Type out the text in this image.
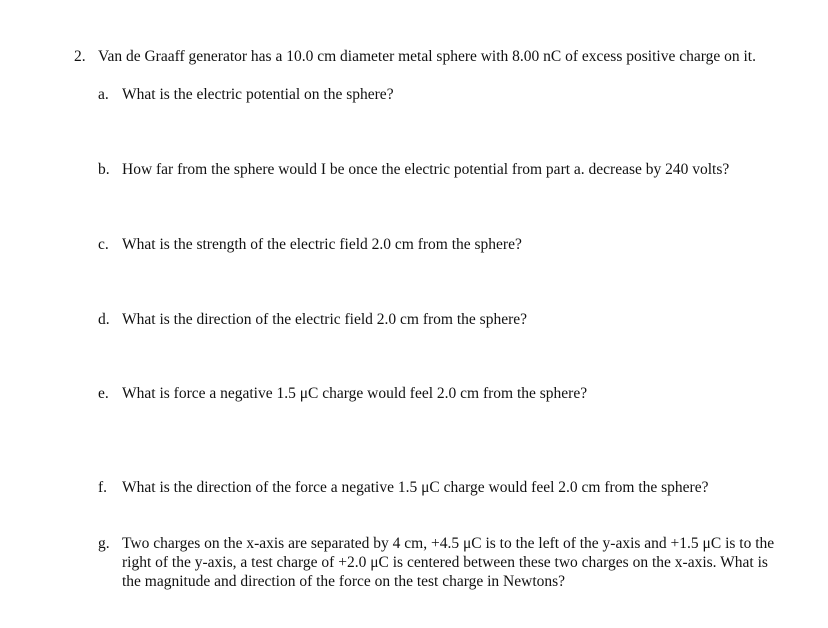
2. Van de Graaff generator has a 10.0 cm diameter metal sphere with 8.00 nC of excess positive charge on it.
a. What is the electric potential on the sphere?
b. How far from the sphere would I be once the electric potential from part a. decrease by 240 volts?
c. What is the strength of the electric field 2.0 cm from the sphere?
d. What is the direction of the electric field 2.0 cm from the sphere?
e. What is force a negative 1.5 μC charge would feel 2.0 cm from the sphere?
f. What is the direction of the force a negative 1.5 μC charge would feel 2.0 cm from the sphere?
g. Two charges on the x-axis are separated by 4 cm, +4.5 μC is to the left of the y-axis and +1.5 μC is to the right of the y-axis, a test charge of +2.0 μC is centered between these two charges on the x-axis. What is the magnitude and direction of the force on the test charge in Newtons?
